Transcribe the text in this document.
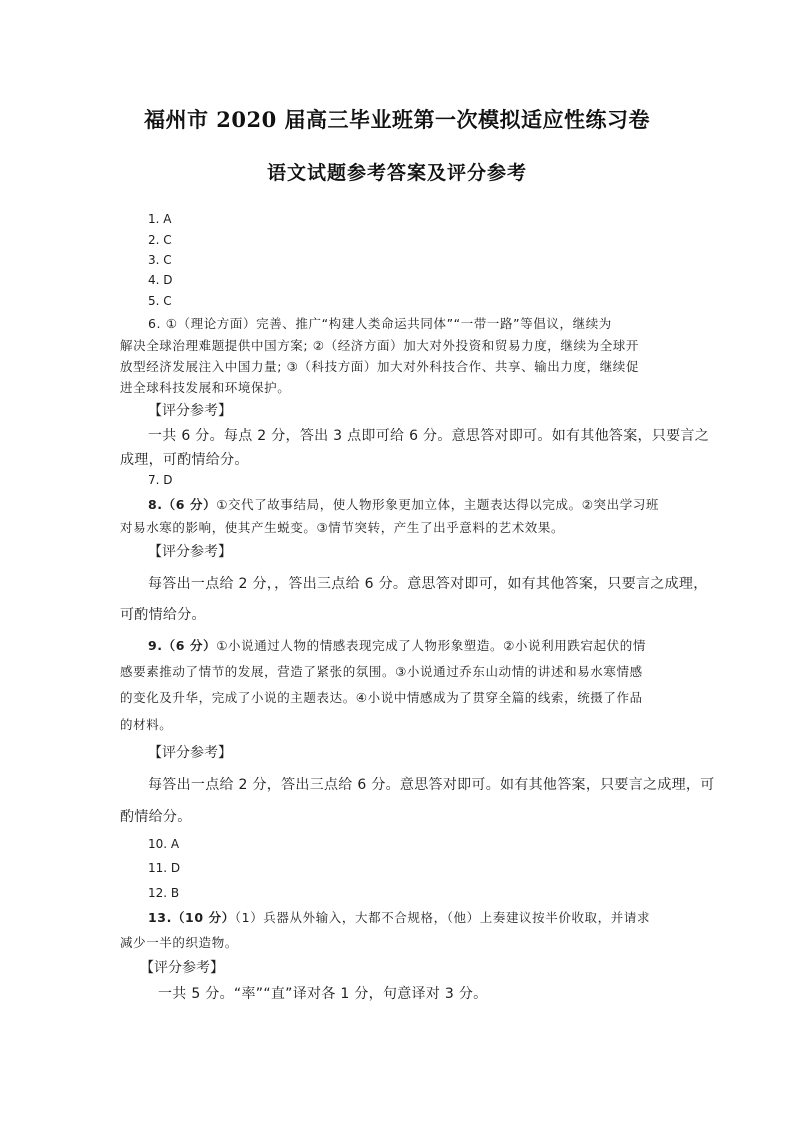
福州市 2020 届高三毕业班第一次模拟适应性练习卷
语文试题参考答案及评分参考
1. A
2. C
3. C
4. D
5. C
6. ①（理论方面）完善、推广“构建人类命运共同体”“一带一路”等倡议，继续为
解决全球治理难题提供中国方案; ②（经济方面）加大对外投资和贸易力度，继续为全球开
放型经济发展注入中国力量; ③（科技方面）加大对外科技合作、共享、输出力度，继续促
进全球科技发展和环境保护。
【评分参考】
一共 6 分。每点 2 分，答出 3 点即可给 6 分。意思答对即可。如有其他答案，只要言之
成理，可酌情给分。
7. D
8.（6 分）①交代了故事结局，使人物形象更加立体，主题表达得以完成。②突出学习班
对易水寒的影响，使其产生蜕变。③情节突转，产生了出乎意料的艺术效果。
【评分参考】
每答出一点给 2 分，，答出三点给 6 分。意思答对即可，如有其他答案，只要言之成理，
可酌情给分。
9.（6 分）①小说通过人物的情感表现完成了人物形象塑造。②小说利用跌宕起伏的情
感要素推动了情节的发展，营造了紧张的氛围。③小说通过乔东山动情的讲述和易水寒情感
的变化及升华，完成了小说的主题表达。④小说中情感成为了贯穿全篇的线索，统摄了作品
的材料。
【评分参考】
每答出一点给 2 分，答出三点给 6 分。意思答对即可。如有其他答案，只要言之成理，可
酌情给分。
10. A
11. D
12. B
13.（10 分）（1）兵器从外输入，大都不合规格，（他）上奏建议按半价收取，并请求
减少一半的织造物。
【评分参考】
一共 5 分。“率”“直”译对各 1 分，句意译对 3 分。
